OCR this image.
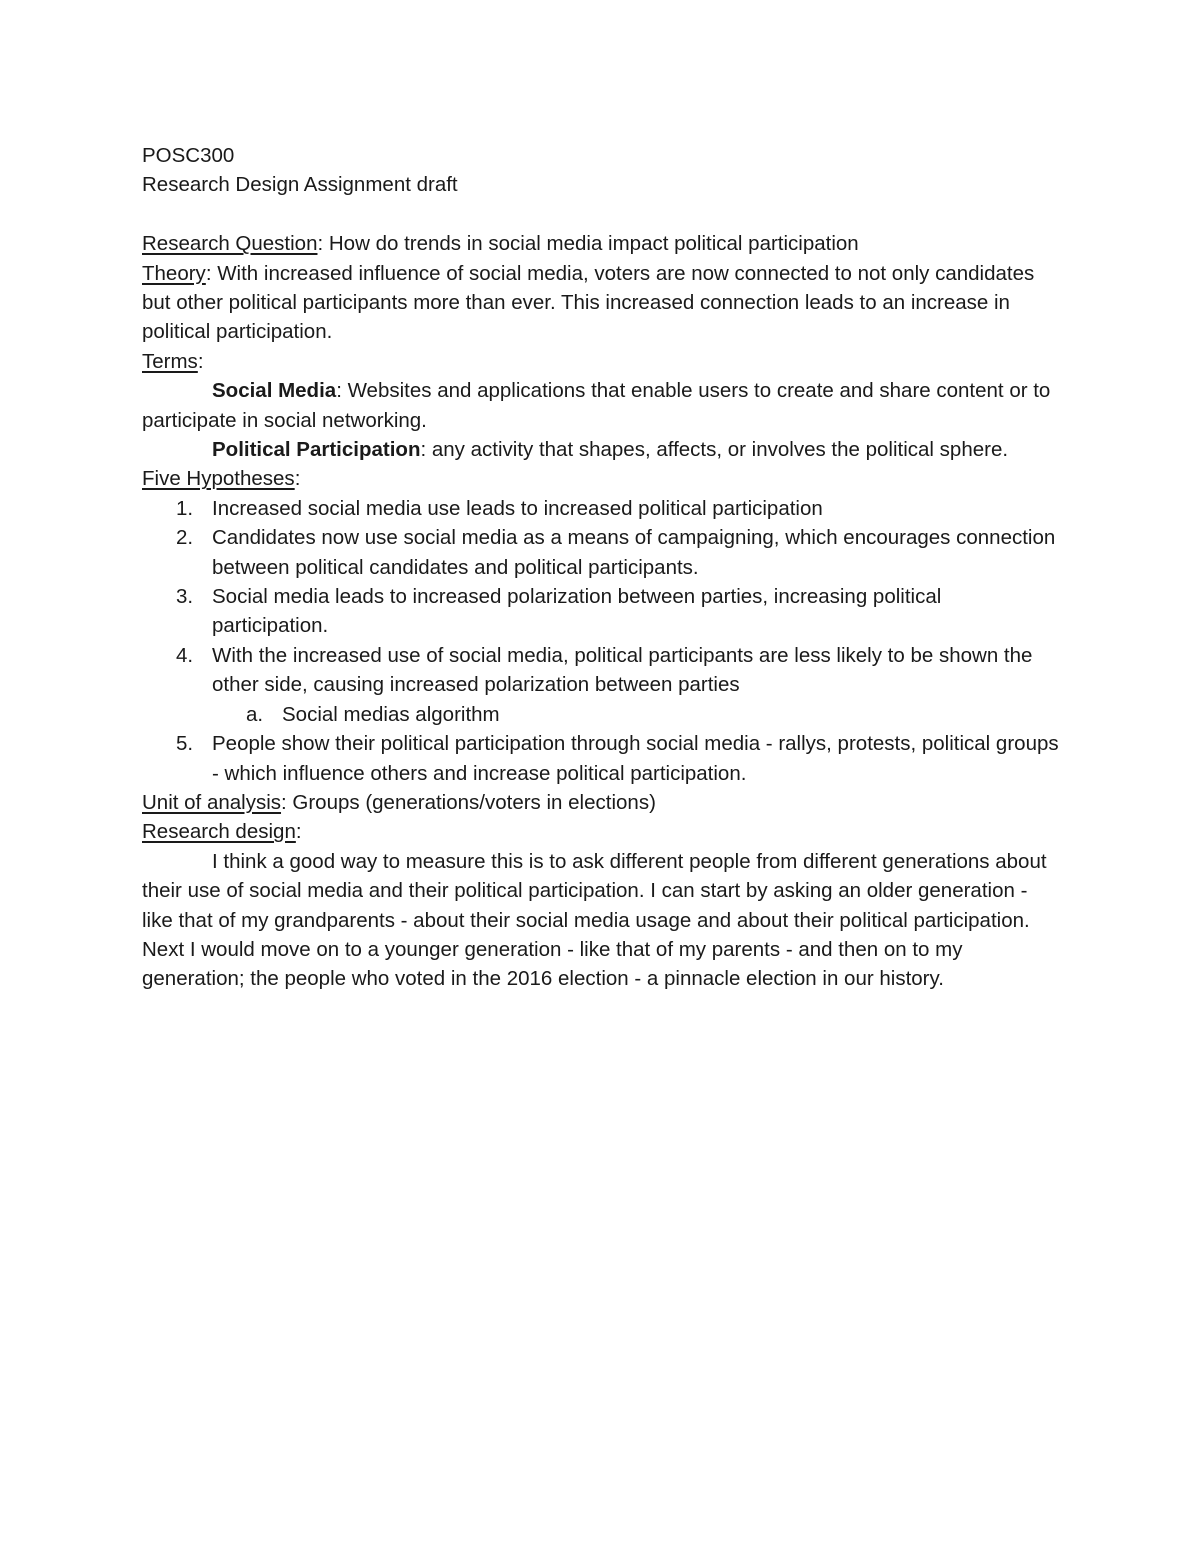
POSC300

Research Design Assignment draft

Research Question: How do trends in social media impact political participation

Theory: With increased influence of social media, voters are now connected to not only candidates but other political participants more than ever. This increased connection leads to an increase in political participation.

Terms:

Social Media: Websites and applications that enable users to create and share content or to participate in social networking.

Political Participation: any activity that shapes, affects, or involves the political sphere.

Five Hypotheses:

1. Increased social media use leads to increased political participation
2. Candidates now use social media as a means of campaigning, which encourages connection between political candidates and political participants.
3. Social media leads to increased polarization between parties, increasing political participation.
4. With the increased use of social media, political participants are less likely to be shown the other side, causing increased polarization between parties
a. Social medias algorithm
5. People show their political participation through social media - rallys, protests, political groups - which influence others and increase political participation.

Unit of analysis: Groups (generations/voters in elections)

Research design:

I think a good way to measure this is to ask different people from different generations about their use of social media and their political participation. I can start by asking an older generation - like that of my grandparents - about their social media usage and about their political participation. Next I would move on to a younger generation - like that of my parents - and then on to my generation; the people who voted in the 2016 election - a pinnacle election in our history.
